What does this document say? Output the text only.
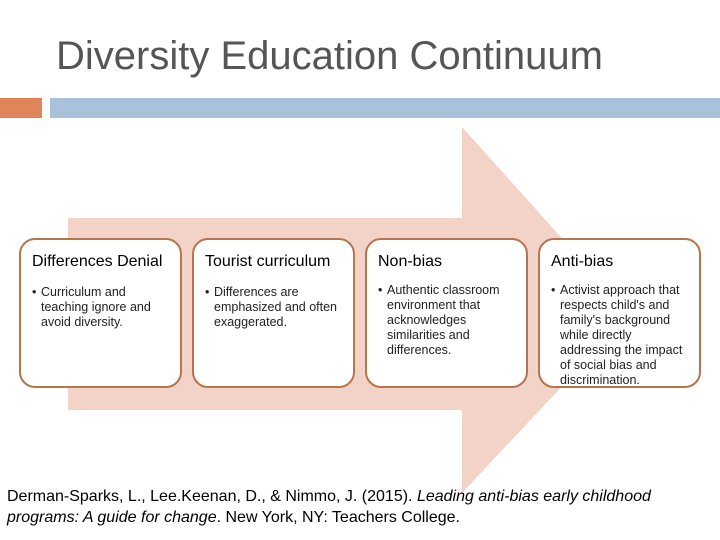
Diversity Education Continuum
Differences Denial
• Curriculum and teaching ignore and avoid diversity.
Tourist curriculum
• Differences are emphasized and often exaggerated.
Non-bias
• Authentic classroom environment that acknowledges similarities and differences.
Anti-bias
• Activist approach that respects child's and family's background while directly addressing the impact of social bias and discrimination.
Derman-Sparks, L., Lee.Keenan, D., & Nimmo, J. (2015). Leading anti-bias early childhood programs: A guide for change. New York, NY: Teachers College.
